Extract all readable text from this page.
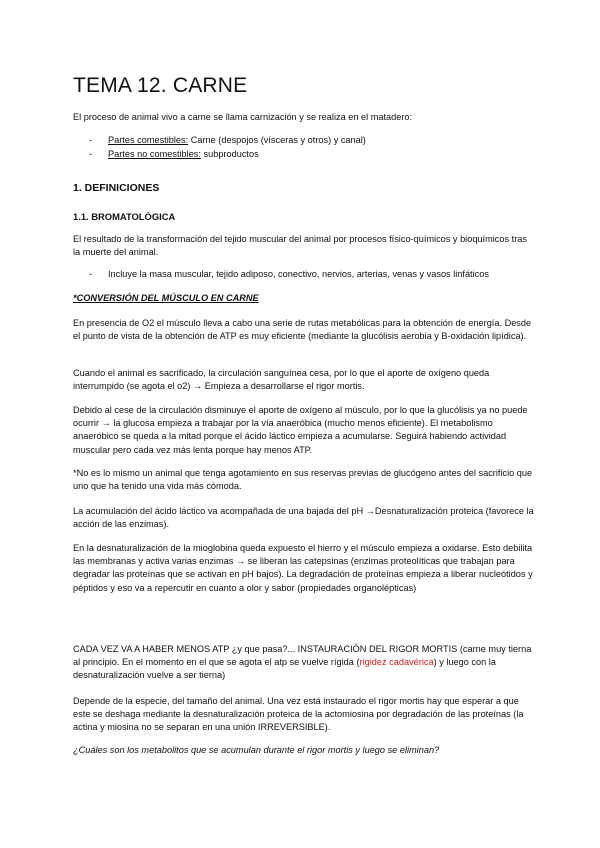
TEMA 12. CARNE

El proceso de animal vivo a carne se llama carnización y se realiza en el matadero:

- Partes comestibles: Carne (despojos (vísceras y otros) y canal)
- Partes no comestibles: subproductos
1. DEFINICIONES
1.1. BROMATOLÓGICA

El resultado de la transformación del tejido muscular del animal por procesos físico-químicos y bioquímicos tras la muerte del animal.

- Incluye la masa muscular, tejido adiposo, conectivo, nervios, arterias, venas y vasos linfáticos

*CONVERSIÓN DEL MÚSCULO EN CARNE

En presencia de O2 el músculo lleva a cabo una serie de rutas metabólicas para la obtención de energía. Desde el punto de vista de la obtención de ATP es muy eficiente (mediante la glucólisis aerobia y B-oxidación lipídica).

Cuando el animal es sacrificado, la circulación sanguínea cesa, por lo que el aporte de oxígeno queda interrumpido (se agota el o2) → Empieza a desarrollarse el rigor mortis.

Debido al cese de la circulación disminuye el aporte de oxígeno al músculo, por lo que la glucólisis ya no puede ocurrir → la glucosa empieza a trabajar por la vía anaeróbica (mucho menos eficiente). El metabolismo anaeróbico se queda a la mitad porque el ácido láctico empieza a acumularse. Seguirá habiendo actividad muscular pero cada vez más lenta porque hay menos ATP.

*No es lo mismo un animal que tenga agotamiento en sus reservas previas de glucógeno antes del sacrificio que uno que ha tenido una vida más cómoda.

La acumulación del ácido láctico va acompañada de una bajada del pH →Desnaturalización proteica (favorece la acción de las enzimas).

En la desnaturalización de la mioglobina queda expuesto el hierro y el músculo empieza a oxidarse. Esto debilita las membranas y activa varias enzimas → se liberan las catepsinas (enzimas proteolíticas que trabajan para degradar las proteínas que se activan en pH bajos). La degradación de proteínas empieza a liberar nucleótidos y péptidos y eso va a repercutir en cuanto a olor y sabor (propiedades organolépticas)

CADA VEZ VA A HABER MENOS ATP ¿y que pasa?... INSTAURACIÓN DEL RIGOR MORTIS (carne muy tierna al principio. En el momento en el que se agota el atp se vuelve rígida (rigidez cadavérica) y luego con la desnaturalización vuelve a ser tierna)

Depende de la especie, del tamaño del animal. Una vez está instaurado el rigor mortis hay que esperar a que este se deshaga mediante la desnaturalización proteica de la actomiosina por degradación de las proteínas (la actina y miosina no se separan en una unión IRREVERSIBLE).

¿Cuáles son los metabolitos que se acumulan durante el rigor mortis y luego se eliminan?
